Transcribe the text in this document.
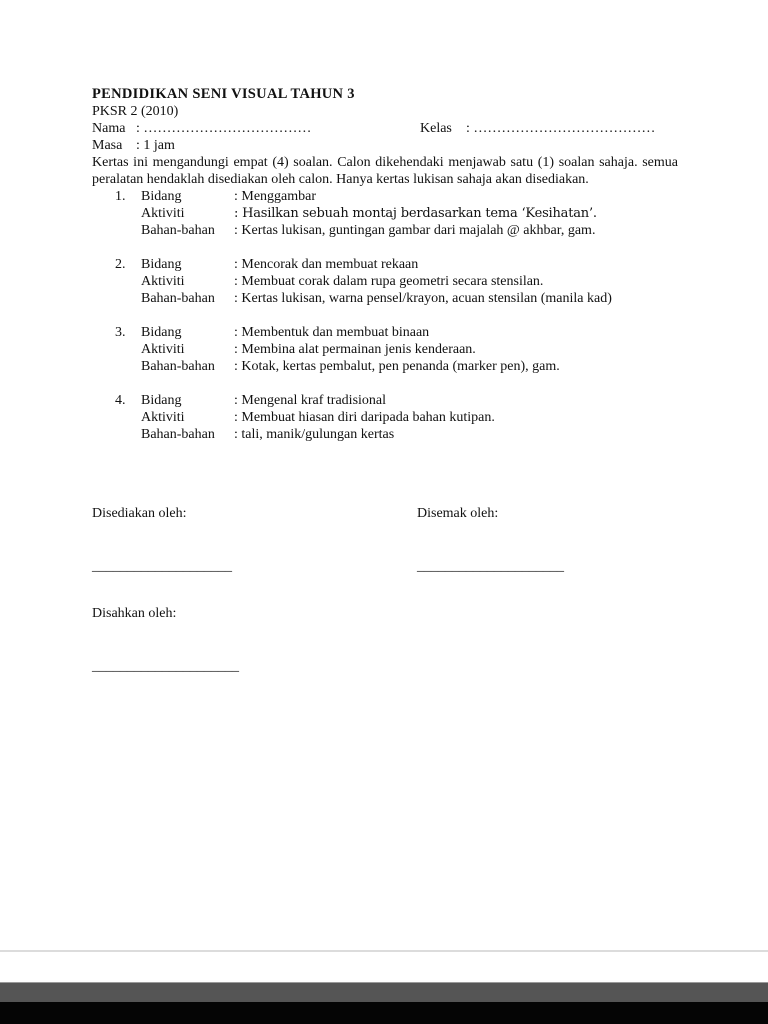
PENDIDIKAN SENI VISUAL TAHUN 3

PKSR 2 (2010)

Nama : ………………………………	Kelas	: …………………………………
Masa : 1 jam

Kertas ini mengandungi empat (4) soalan. Calon dikehendaki menjawab satu (1) soalan sahaja. semua peralatan hendaklah disediakan oleh calon. Hanya kertas lukisan sahaja akan disediakan.

1.	Bidang	: Menggambar
Aktiviti	: Hasilkan sebuah montaj berdasarkan tema ‘Kesihatan’.
Bahan-bahan	: Kertas lukisan, guntingan gambar dari majalah @ akhbar, gam.
2.	Bidang	: Mencorak dan membuat rekaan
Aktiviti	: Membuat corak dalam rupa geometri secara stensilan.
Bahan-bahan	: Kertas lukisan, warna pensel/krayon, acuan stensilan (manila kad)
3.	Bidang	: Membentuk dan membuat binaan
Aktiviti	: Membina alat permainan jenis kenderaan.
Bahan-bahan	: Kotak, kertas pembalut, pen penanda (marker pen), gam.
4.	Bidang	: Mengenal kraf tradisional
Aktiviti	: Membuat hiasan diri daripada bahan kutipan.
Bahan-bahan	: tali, manik/gulungan kertas
Disediakan oleh:	Disemak oleh:
____________________	_____________________
Disahkan oleh:
_____________________
